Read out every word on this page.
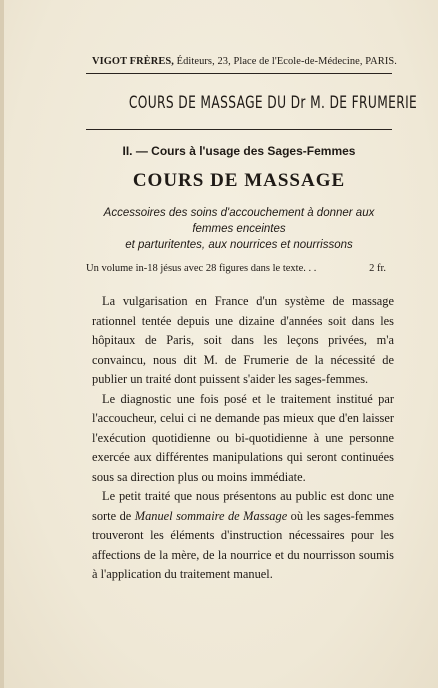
VIGOT FRÈRES, Éditeurs, 23, Place de l'Ecole-de-Médecine, PARIS.
COURS DE MASSAGE DU Dr M. DE FRUMERIE
II. — Cours à l'usage des Sages-Femmes
COURS DE MASSAGE
Accessoires des soins d'accouchement à donner aux
femmes enceintes
et parturitentes, aux nourrices et nourrissons
Un volume in-18 jésus avec 28 figures dans le texte. . .	2 fr.

La vulgarisation en France d'un système de massage rationnel tentée depuis une dizaine d'années soit dans les hôpitaux de Paris, soit dans les leçons privées, m'a convaincu, nous dit M. de Frumerie de la nécessité de publier un traité dont puissent s'aider les sages-femmes.

Le diagnostic une fois posé et le traitement institué par l'accoucheur, celui ci ne demande pas mieux que d'en laisser l'exécution quotidienne ou bi-quotidienne à une personne exercée aux différentes manipulations qui seront continuées sous sa direction plus ou moins immédiate.

Le petit traité que nous présentons au public est donc une sorte de Manuel sommaire de Massage où les sages-femmes trouveront les éléments d'instruction nécessaires pour les affections de la mère, de la nourrice et du nourrisson soumis à l'application du traitement manuel.
